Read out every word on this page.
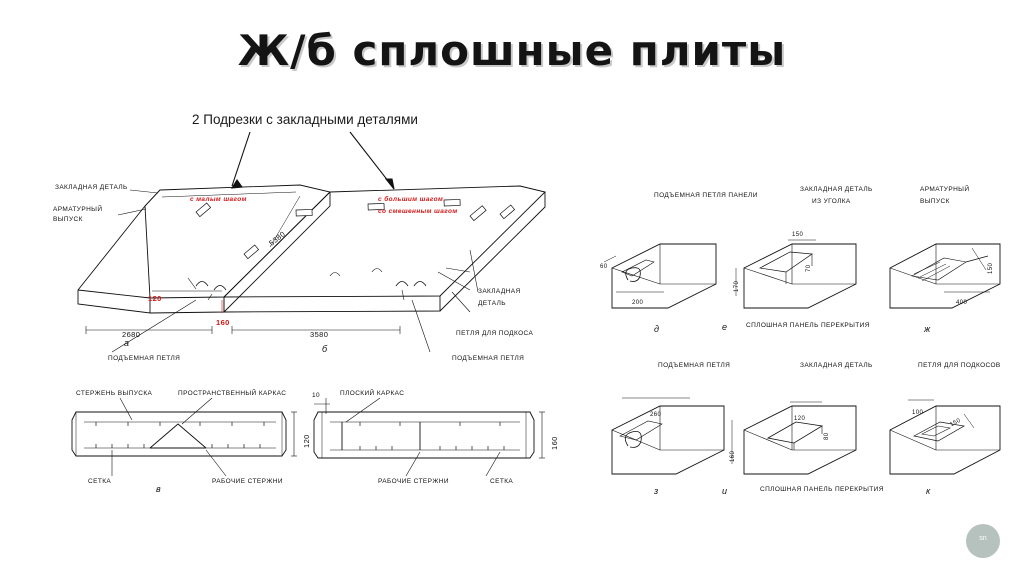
Ж/б сплошные плиты
2 Подрезки с закладными деталями
ЗАКЛАДНАЯ ДЕТАЛЬ
АРМАТУРНЫЙ
ВЫПУСК
с малым шагом	с большим шагом
со смешенным шагом
ЗАКЛАДНАЯ
ДЕТАЛЬ
ПЕТЛЯ ДЛЯ ПОДКОСА
ПОДЪЕМНАЯ ПЕТЛЯ	ПОДЪЕМНАЯ ПЕТЛЯ
2680	3580
5380
120
160
а
б
СТЕРЖЕНЬ ВЫПУСКА	ПРОСТРАНСТВЕННЫЙ КАРКАС
СЕТКА	РАБОЧИЕ СТЕРЖНИ
120
в
10	ПЛОСКИЙ КАРКАС
РАБОЧИЕ СТЕРЖНИ	СЕТКА
160
ПОДЪЕМНАЯ ПЕТЛЯ ПАНЕЛИ
60
200
д
ЗАКЛАДНАЯ ДЕТАЛЬ
ИЗ УГОЛКА
150
170
70
СПЛОШНАЯ ПАНЕЛЬ ПЕРЕКРЫТИЯ
е
АРМАТУРНЫЙ
ВЫПУСК
150
400
ж
ПОДЪЕМНАЯ ПЕТЛЯ
260
160
з
ЗАКЛАДНАЯ ДЕТАЛЬ
120
80
СПЛОШНАЯ ПАНЕЛЬ ПЕРЕКРЫТИЯ
и
ПЕТЛЯ ДЛЯ ПОДКОСОВ
100
150
к
sn
